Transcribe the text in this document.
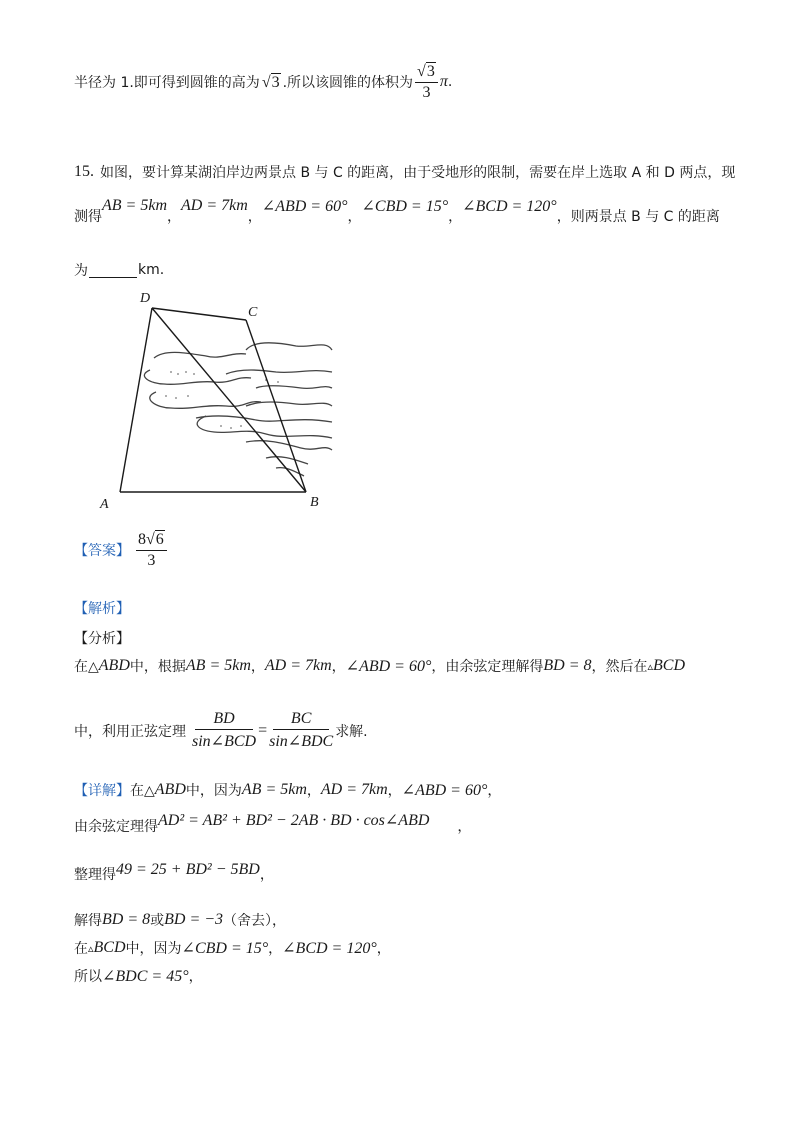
半径为 1.即可得到圆锥的高为 √ 3 .所以该圆锥的体积为 $\frac{√ 3}{3}$ π .
15. 如图，要计算某湖泊岸边两景点 B 与 C 的距离，由于受地形的限制，需要在岸上选取 A 和 D 两点，现
测得
AB = 5km
，
AD = 7km
，
∠ABD = 60°
，
∠CBD = 15°
，
∠BCD = 120°
，则两景点 B 与 C 的距离
为	km.
D
C
A	B
【答案】 $\frac{8 √ 6}{3}$
【解析】
【分析】
在△ ABD 中，根据 AB = 5km ， AD = 7km ， ∠ABD = 60° ，由余弦定理解得 BD = 8 ，然后在 ▵ BCD
中，利用正弦定理 $\frac{BD}{\text{sin∠BCD}} = \frac{BC}{\text{sin∠BDC}}$ 求解.
【详解】 在△ ABD 中，因为 AB = 5km ， AD = 7km ， ∠ABD = 60° ，
由余弦定理得 AD² = AB² + BD² − 2AB · BD · cos∠ABD ，
整理得 49 = 25 + BD² − 5BD ，
解得 BD = 8 或 BD = −3 （舍去），
在 ▵ BCD 中，因为 ∠CBD = 15° ， ∠BCD = 120° ，
所以 ∠BDC = 45° ，
